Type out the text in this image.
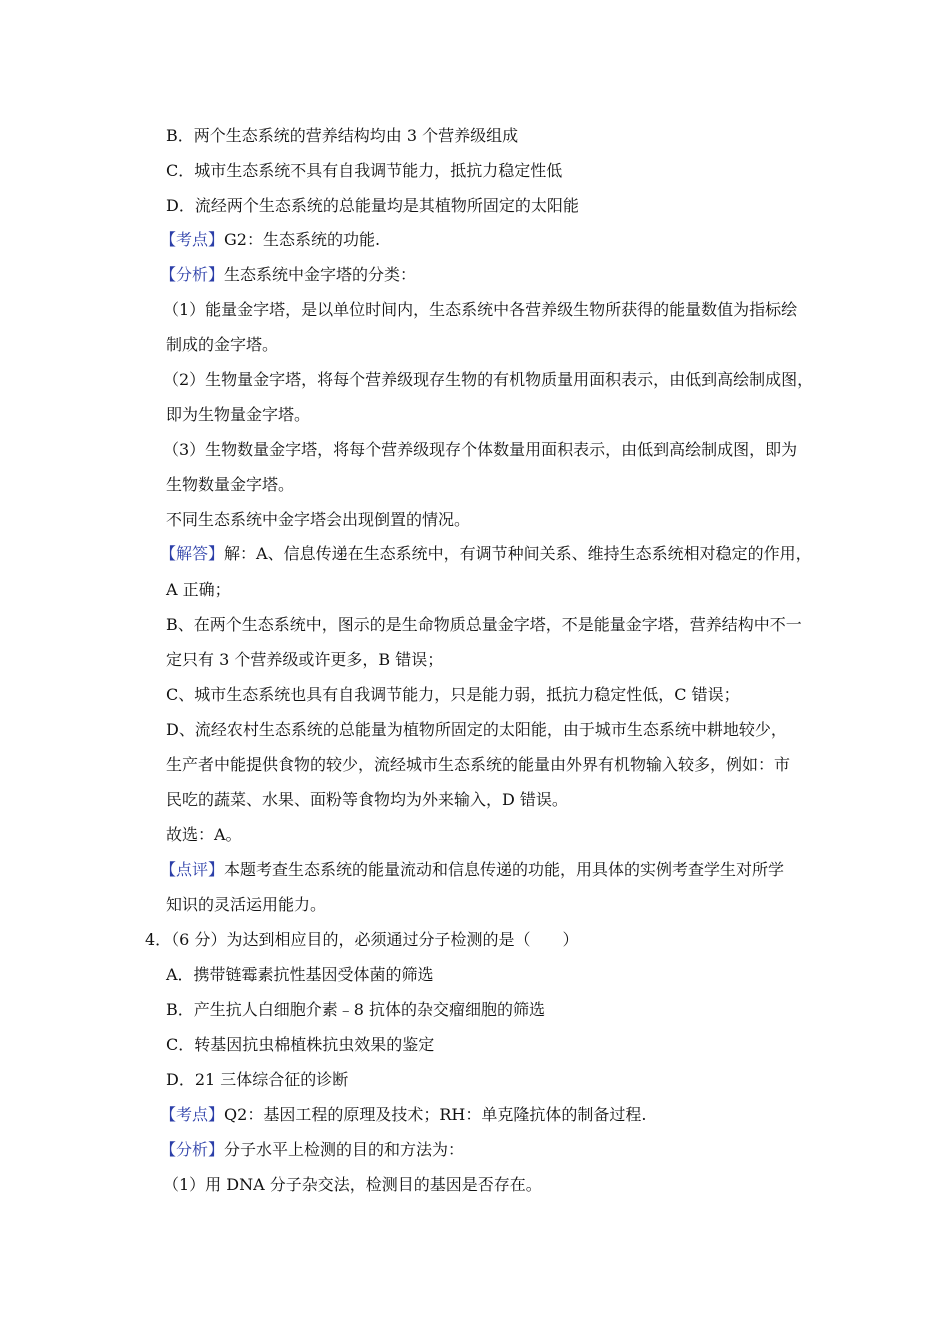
B．两个生态系统的营养结构均由 3 个营养级组成
C．城市生态系统不具有自我调节能力，抵抗力稳定性低
D．流经两个生态系统的总能量均是其植物所固定的太阳能
【考点】G2：生态系统的功能.
【分析】生态系统中金字塔的分类：
（1）能量金字塔，是以单位时间内，生态系统中各营养级生物所获得的能量数值为指标绘
制成的金字塔。
（2）生物量金字塔，将每个营养级现存生物的有机物质量用面积表示，由低到高绘制成图，
即为生物量金字塔。
（3）生物数量金字塔，将每个营养级现存个体数量用面积表示，由低到高绘制成图，即为
生物数量金字塔。
不同生态系统中金字塔会出现倒置的情况。
【解答】解：A、信息传递在生态系统中，有调节种间关系、维持生态系统相对稳定的作用，
A 正确；
B、在两个生态系统中，图示的是生命物质总量金字塔，不是能量金字塔，营养结构中不一
定只有 3 个营养级或许更多，B 错误；
C、城市生态系统也具有自我调节能力，只是能力弱，抵抗力稳定性低，C 错误；
D、流经农村生态系统的总能量为植物所固定的太阳能，由于城市生态系统中耕地较少，
生产者中能提供食物的较少，流经城市生态系统的能量由外界有机物输入较多，例如：市
民吃的蔬菜、水果、面粉等食物均为外来输入，D 错误。
故选：A。
【点评】本题考查生态系统的能量流动和信息传递的功能，用具体的实例考查学生对所学
知识的灵活运用能力。
4．（6 分）为达到相应目的，必须通过分子检测的是（　　）
A．携带链霉素抗性基因受体菌的筛选
B．产生抗人白细胞介素﹣8 抗体的杂交瘤细胞的筛选
C．转基因抗虫棉植株抗虫效果的鉴定
D．21 三体综合征的诊断
【考点】Q2：基因工程的原理及技术；RH：单克隆抗体的制备过程.
【分析】分子水平上检测的目的和方法为：
（1）用 DNA 分子杂交法，检测目的基因是否存在。
